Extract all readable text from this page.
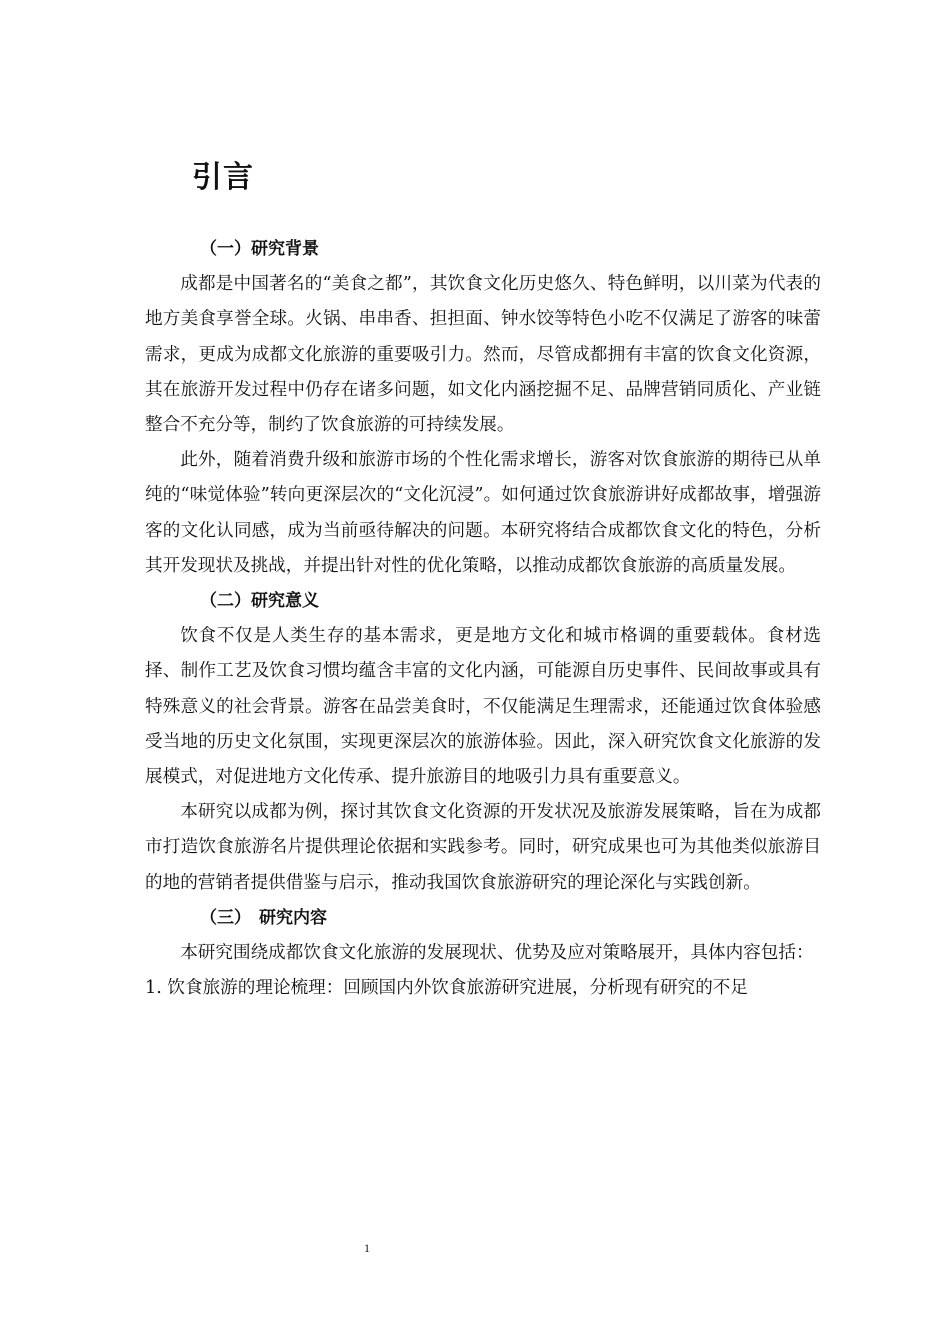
引言
（一）研究背景

成都是中国著名的“美食之都”，其饮食文化历史悠久、特色鲜明，以川菜为代表的地方美食享誉全球。火锅、串串香、担担面、钟水饺等特色小吃不仅满足了游客的味蕾需求，更成为成都文化旅游的重要吸引力。然而，尽管成都拥有丰富的饮食文化资源，其在旅游开发过程中仍存在诸多问题，如文化内涵挖掘不足、品牌营销同质化、产业链整合不充分等，制约了饮食旅游的可持续发展。

此外，随着消费升级和旅游市场的个性化需求增长，游客对饮食旅游的期待已从单纯的“味觉体验”转向更深层次的“文化沉浸”。如何通过饮食旅游讲好成都故事，增强游客的文化认同感，成为当前亟待解决的问题。本研究将结合成都饮食文化的特色，分析其开发现状及挑战，并提出针对性的优化策略，以推动成都饮食旅游的高质量发展。

（二）研究意义

饮食不仅是人类生存的基本需求，更是地方文化和城市格调的重要载体。食材选择、制作工艺及饮食习惯均蕴含丰富的文化内涵，可能源自历史事件、民间故事或具有特殊意义的社会背景。游客在品尝美食时，不仅能满足生理需求，还能通过饮食体验感受当地的历史文化氛围，实现更深层次的旅游体验。因此，深入研究饮食文化旅游的发展模式，对促进地方文化传承、提升旅游目的地吸引力具有重要意义。

本研究以成都为例，探讨其饮食文化资源的开发状况及旅游发展策略，旨在为成都市打造饮食旅游名片提供理论依据和实践参考。同时，研究成果也可为其他类似旅游目的地的营销者提供借鉴与启示，推动我国饮食旅游研究的理论深化与实践创新。

（三） 研究内容

本研究围绕成都饮食文化旅游的发展现状、优势及应对策略展开，具体内容包括：

1. 饮食旅游的理论梳理：回顾国内外饮食旅游研究进展，分析现有研究的不足

1
